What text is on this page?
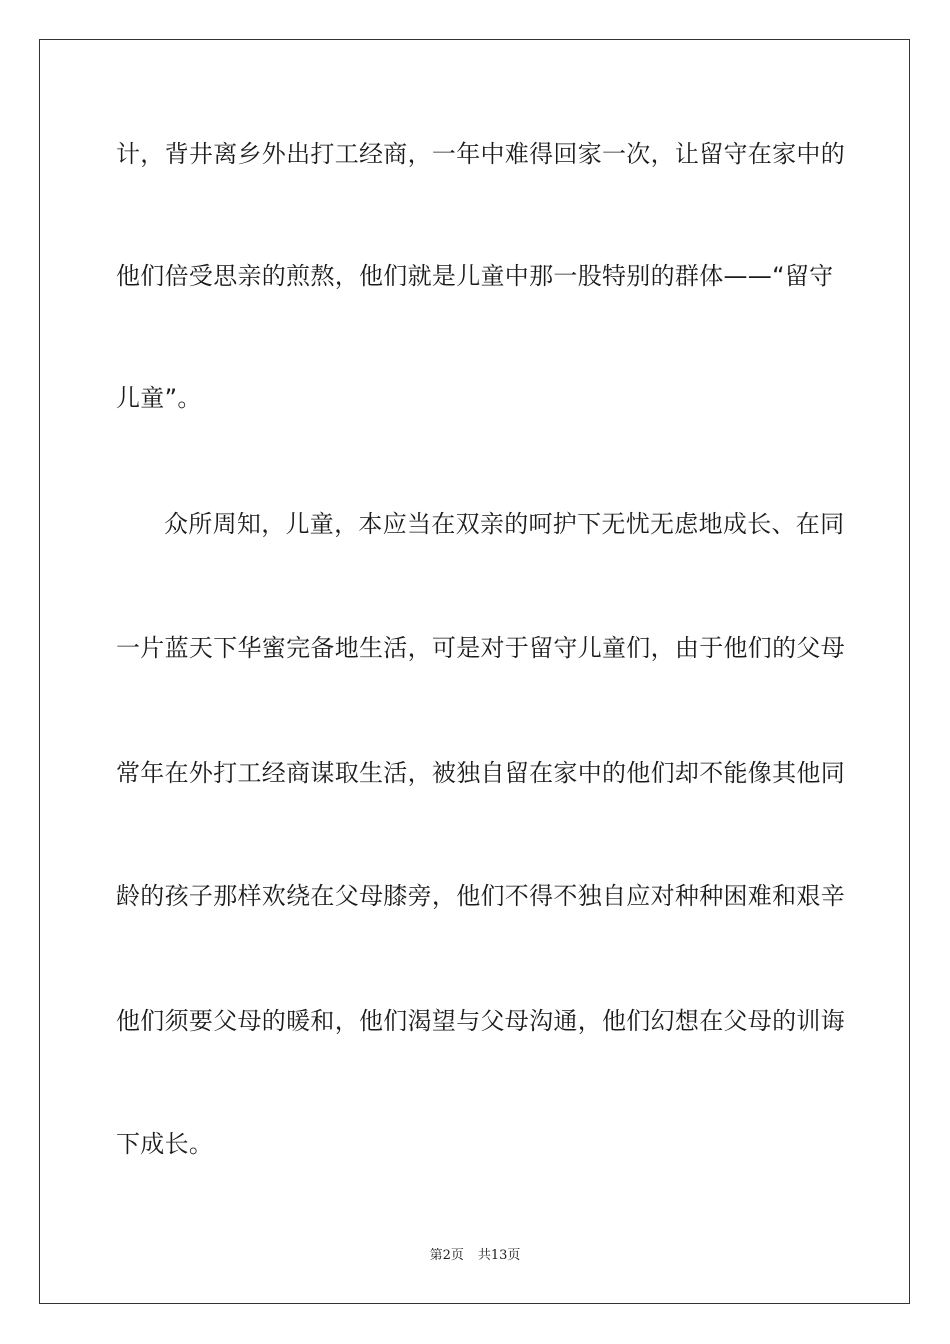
计，背井离乡外出打工经商，一年中难得回家一次，让留守在家中的
他们倍受思亲的煎熬，他们就是儿童中那一股特别的群体——“留守
儿童”。
众所周知，儿童，本应当在双亲的呵护下无忧无虑地成长、在同
一片蓝天下华蜜完备地生活，可是对于留守儿童们，由于他们的父母
常年在外打工经商谋取生活，被独自留在家中的他们却不能像其他同
龄的孩子那样欢绕在父母膝旁，他们不得不独自应对种种困难和艰辛
他们须要父母的暖和，他们渴望与父母沟通，他们幻想在父母的训诲
下成长。
第2页 共13页
